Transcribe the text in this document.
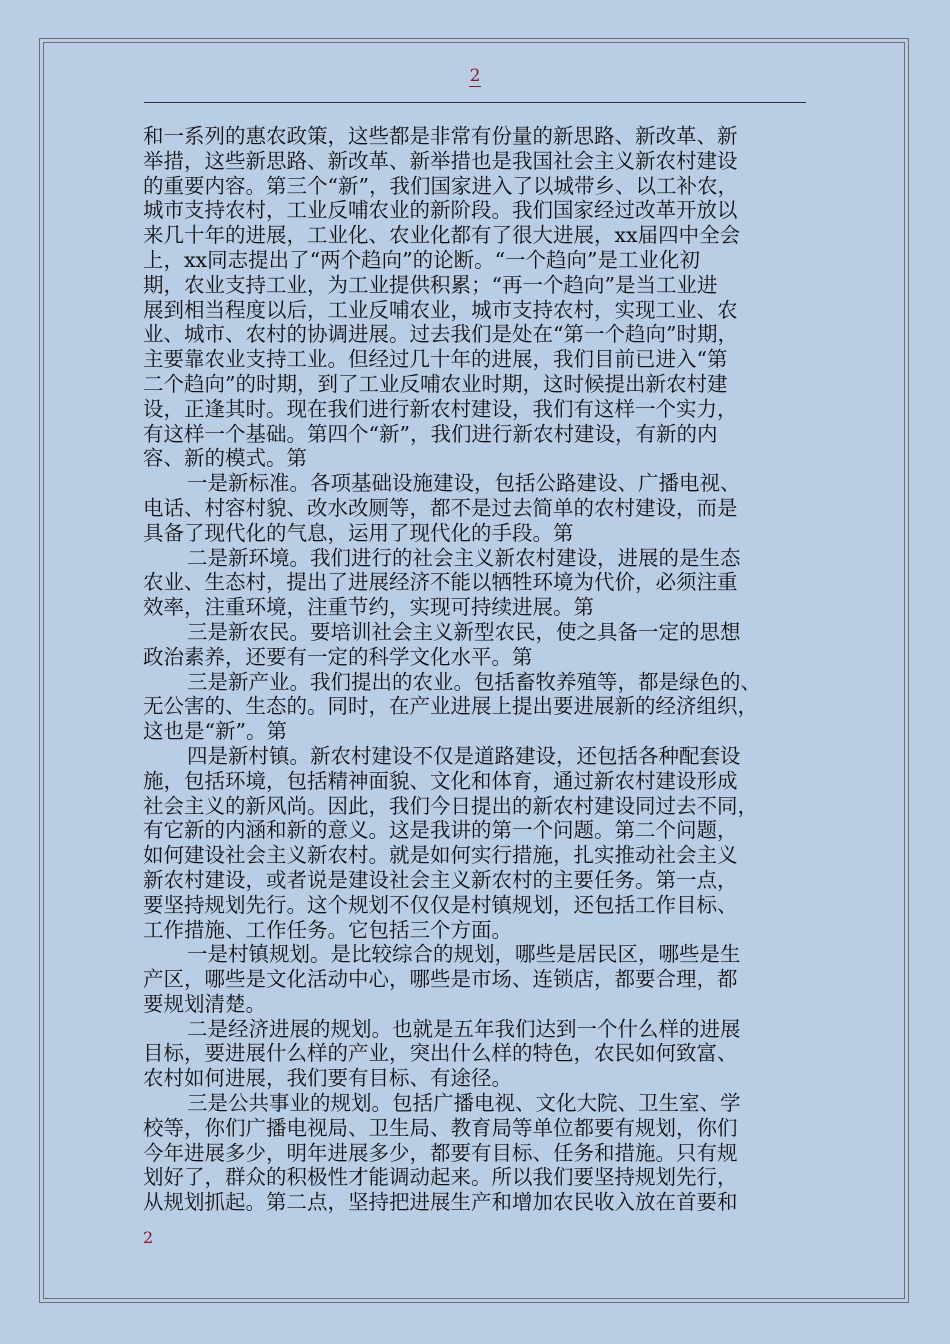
2
和一系列的惠农政策，这些都是非常有份量的新思路、新改革、新
举措，这些新思路、新改革、新举措也是我国社会主义新农村建设
的重要内容。第三个“新”，我们国家进入了以城带乡、以工补农，
城市支持农村，工业反哺农业的新阶段。我们国家经过改革开放以
来几十年的进展，工业化、农业化都有了很大进展，xx届四中全会
上，xx同志提出了“两个趋向”的论断。“一个趋向”是工业化初
期，农业支持工业，为工业提供积累；“再一个趋向”是当工业进
展到相当程度以后，工业反哺农业，城市支持农村，实现工业、农
业、城市、农村的协调进展。过去我们是处在“第一个趋向”时期，
主要靠农业支持工业。但经过几十年的进展，我们目前已进入“第
二个趋向”的时期，到了工业反哺农业时期，这时候提出新农村建
设，正逢其时。现在我们进行新农村建设，我们有这样一个实力，
有这样一个基础。第四个“新”，我们进行新农村建设，有新的内
容、新的模式。第
一是新标准。各项基础设施建设，包括公路建设、广播电视、
电话、村容村貌、改水改厕等，都不是过去简单的农村建设，而是
具备了现代化的气息，运用了现代化的手段。第
二是新环境。我们进行的社会主义新农村建设，进展的是生态
农业、生态村，提出了进展经济不能以牺牲环境为代价，必须注重
效率，注重环境，注重节约，实现可持续进展。第
三是新农民。要培训社会主义新型农民，使之具备一定的思想
政治素养，还要有一定的科学文化水平。第
三是新产业。我们提出的农业。包括畜牧养殖等，都是绿色的、
无公害的、生态的。同时，在产业进展上提出要进展新的经济组织，
这也是“新”。第
四是新村镇。新农村建设不仅是道路建设，还包括各种配套设
施，包括环境，包括精神面貌、文化和体育，通过新农村建设形成
社会主义的新风尚。因此，我们今日提出的新农村建设同过去不同，
有它新的内涵和新的意义。这是我讲的第一个问题。第二个问题，
如何建设社会主义新农村。就是如何实行措施，扎实推动社会主义
新农村建设，或者说是建设社会主义新农村的主要任务。第一点，
要坚持规划先行。这个规划不仅仅是村镇规划，还包括工作目标、
工作措施、工作任务。它包括三个方面。
一是村镇规划。是比较综合的规划，哪些是居民区，哪些是生
产区，哪些是文化活动中心，哪些是市场、连锁店，都要合理，都
要规划清楚。
二是经济进展的规划。也就是五年我们达到一个什么样的进展
目标，要进展什么样的产业，突出什么样的特色，农民如何致富、
农村如何进展，我们要有目标、有途径。
三是公共事业的规划。包括广播电视、文化大院、卫生室、学
校等，你们广播电视局、卫生局、教育局等单位都要有规划，你们
今年进展多少，明年进展多少，都要有目标、任务和措施。只有规
划好了，群众的积极性才能调动起来。所以我们要坚持规划先行，
从规划抓起。第二点，坚持把进展生产和增加农民收入放在首要和
2
